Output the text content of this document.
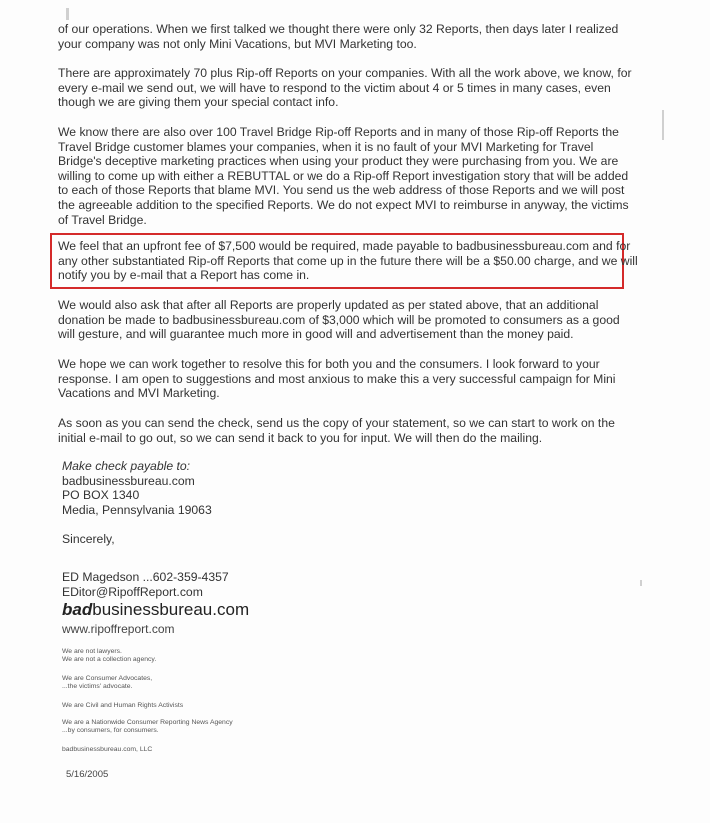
of our operations. When we first talked we thought there were only 32 Reports, then days later I realized your company was not only Mini Vacations, but MVI Marketing too.
There are approximately 70 plus Rip-off Reports on your companies. With all the work above, we know, for every e-mail we send out, we will have to respond to the victim about 4 or 5 times in many cases, even though we are giving them your special contact info.
We know there are also over 100 Travel Bridge Rip-off Reports and in many of those Rip-off Reports the Travel Bridge customer blames your companies, when it is no fault of your MVI Marketing for Travel Bridge's deceptive marketing practices when using your product they were purchasing from you. We are willing to come up with either a REBUTTAL or we do a Rip-off Report investigation story that will be added to each of those Reports that blame MVI. You send us the web address of those Reports and we will post the agreeable addition to the specified Reports. We do not expect MVI to reimburse in anyway, the victims of Travel Bridge.
We feel that an upfront fee of $7,500 would be required, made payable to badbusinessbureau.com and for any other substantiated Rip-off Reports that come up in the future there will be a $50.00 charge, and we will notify you by e-mail that a Report has come in.
We would also ask that after all Reports are properly updated as per stated above, that an additional donation be made to badbusinessbureau.com of $3,000 which will be promoted to consumers as a good will gesture, and will guarantee much more in good will and advertisement than the money paid.
We hope we can work together to resolve this for both you and the consumers. I look forward to your response. I am open to suggestions and most anxious to make this a very successful campaign for Mini Vacations and MVI Marketing.
As soon as you can send the check, send us the copy of your statement, so we can start to work on the initial e-mail to go out, so we can send it back to you for input. We will then do the mailing.
Make check payable to:
badbusinessbureau.com
PO BOX 1340
Media, Pennsylvania 19063
Sincerely,
ED Magedson ...602-359-4357
EDitor@RipoffReport.com
badbusinessbureau.com
www.ripoffreport.com
We are not lawyers.
We are not a collection agency.
We are Consumer Advocates,
...the victims' advocate.
We are Civil and Human Rights Activists
We are a Nationwide Consumer Reporting News Agency
...by consumers, for consumers.
badbusinessbureau.com, LLC
5/16/2005
